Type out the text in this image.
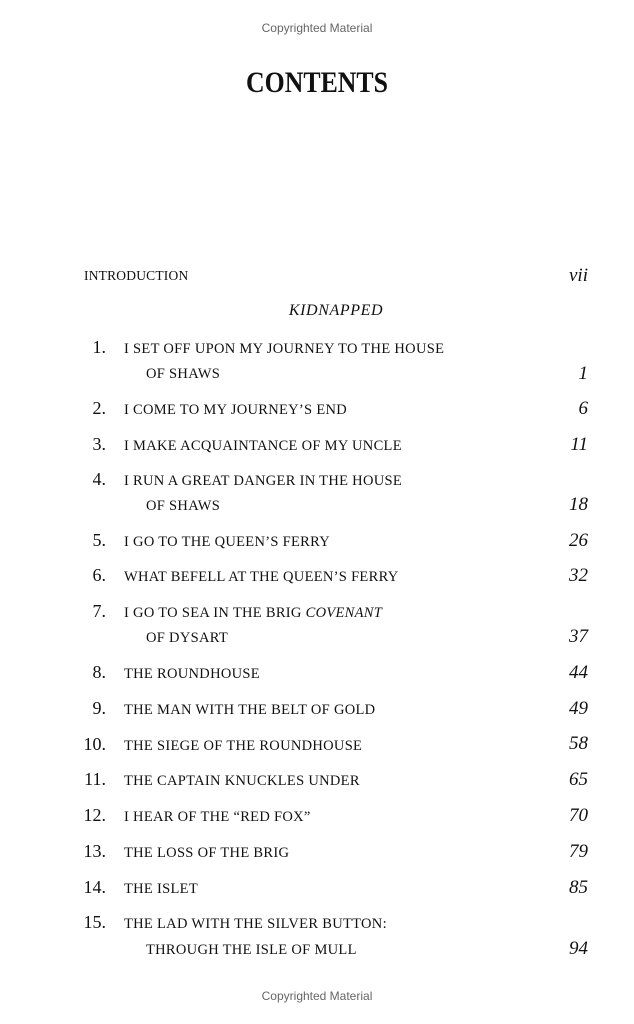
Copyrighted Material
CONTENTS
INTRODUCTION	vii
KIDNAPPED
1. I SET OFF UPON MY JOURNEY TO THE HOUSE
OF SHAWS	1
2. I COME TO MY JOURNEY’S END	6
3. I MAKE ACQUAINTANCE OF MY UNCLE	11
4. I RUN A GREAT DANGER IN THE HOUSE
OF SHAWS	18
5. I GO TO THE QUEEN’S FERRY	26
6. WHAT BEFELL AT THE QUEEN’S FERRY	32
7. I GO TO SEA IN THE BRIG COVENANT
OF DYSART	37
8. THE ROUNDHOUSE	44
9. THE MAN WITH THE BELT OF GOLD	49
10. THE SIEGE OF THE ROUNDHOUSE	58
11. THE CAPTAIN KNUCKLES UNDER	65
12. I HEAR OF THE “RED FOX”	70
13. THE LOSS OF THE BRIG	79
14. THE ISLET	85
15. THE LAD WITH THE SILVER BUTTON:
THROUGH THE ISLE OF MULL	94
Copyrighted Material
